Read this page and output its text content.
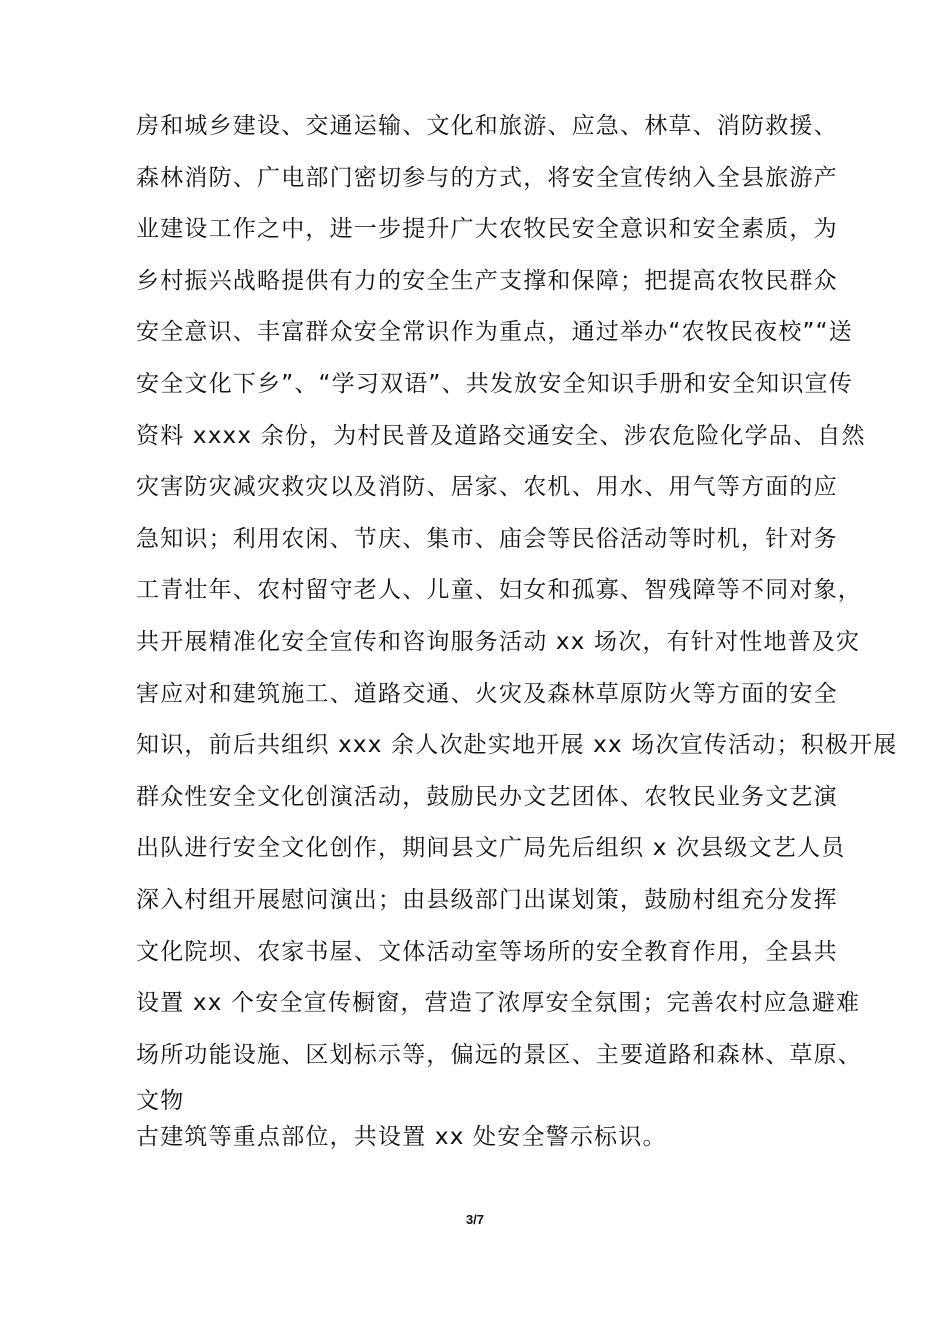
房和城乡建设、交通运输、文化和旅游、应急、林草、消防救援、
森林消防、广电部门密切参与的方式，将安全宣传纳入全县旅游产
业建设工作之中，进一步提升广大农牧民安全意识和安全素质，为
乡村振兴战略提供有力的安全生产支撑和保障；把提高农牧民群众
安全意识、丰富群众安全常识作为重点，通过举办“农牧民夜校”“送
安全文化下乡”、“学习双语”、共发放安全知识手册和安全知识宣传
资料 xxxx 余份，为村民普及道路交通安全、涉农危险化学品、自然
灾害防灾减灾救灾以及消防、居家、农机、用水、用气等方面的应
急知识；利用农闲、节庆、集市、庙会等民俗活动等时机，针对务
工青壮年、农村留守老人、儿童、妇女和孤寡、智残障等不同对象，
共开展精准化安全宣传和咨询服务活动 xx 场次，有针对性地普及灾
害应对和建筑施工、道路交通、火灾及森林草原防火等方面的安全
知识，前后共组织 xxx 余人次赴实地开展 xx 场次宣传活动；积极开展
群众性安全文化创演活动，鼓励民办文艺团体、农牧民业务文艺演
出队进行安全文化创作，期间县文广局先后组织 x 次县级文艺人员
深入村组开展慰问演出；由县级部门出谋划策，鼓励村组充分发挥
文化院坝、农家书屋、文体活动室等场所的安全教育作用，全县共
设置 xx 个安全宣传橱窗，营造了浓厚安全氛围；完善农村应急避难
场所功能设施、区划标示等，偏远的景区、主要道路和森林、草原、
文物
古建筑等重点部位，共设置 xx 处安全警示标识。
3/7
